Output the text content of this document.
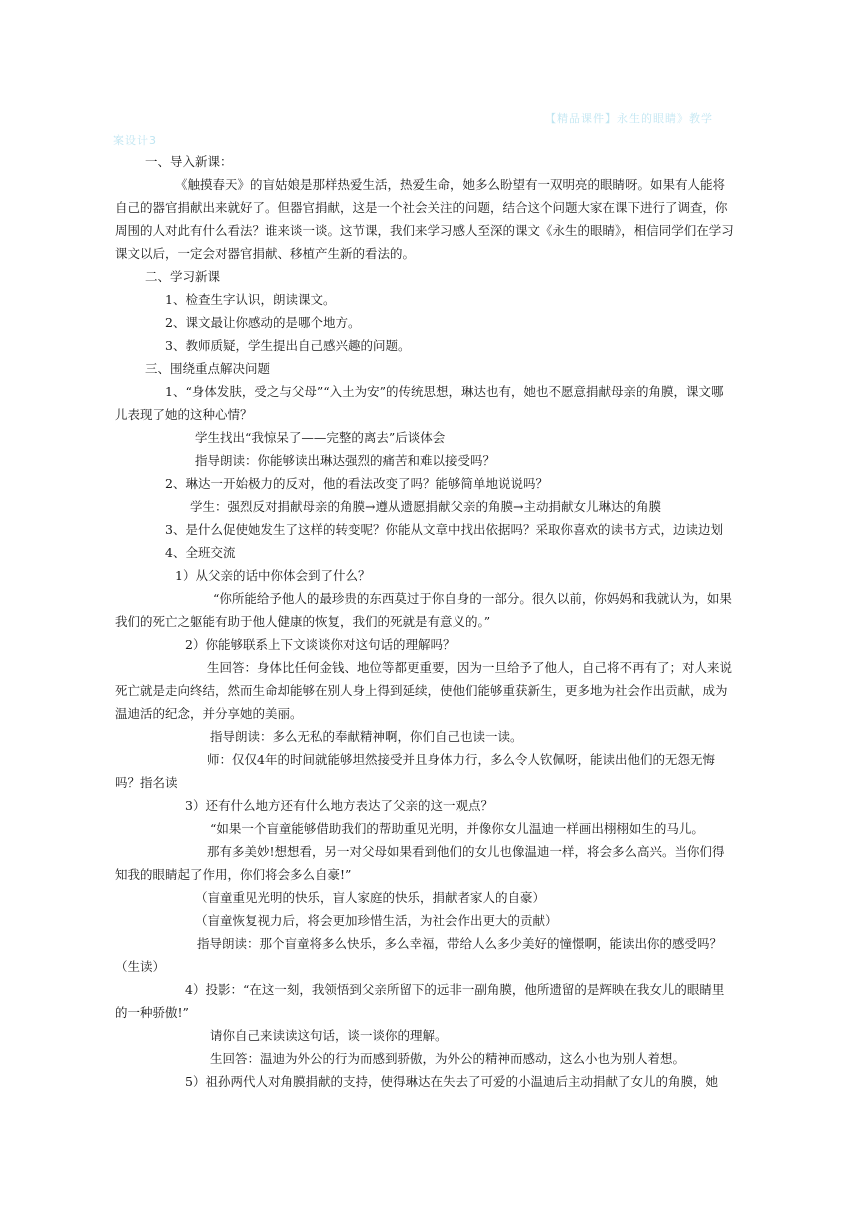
【精品课件】永生的眼睛》教学
案设计3

一、导入新课：

《触摸春天》的盲姑娘是那样热爱生活，热爱生命，她多么盼望有一双明亮的眼睛呀。如果有人能将自己的器官捐献出来就好了。但器官捐献，这是一个社会关注的问题，结合这个问题大家在课下进行了调查，你周围的人对此有什么看法？谁来谈一谈。这节课，我们来学习感人至深的课文《永生的眼睛》，相信同学们在学习课文以后，一定会对器官捐献、移植产生新的看法的。

二、学习新课

1、检查生字认识，朗读课文。

2、课文最让你感动的是哪个地方。

3、教师质疑，学生提出自己感兴趣的问题。

三、围绕重点解决问题

1、“身体发肤，受之与父母”“入土为安”的传统思想，琳达也有，她也不愿意捐献母亲的角膜，课文哪儿表现了她的这种心情？

学生找出“我惊呆了——完整的离去”后谈体会

指导朗读：你能够读出琳达强烈的痛苦和难以接受吗？

2、琳达一开始极力的反对，他的看法改变了吗？能够简单地说说吗？

学生：强烈反对捐献母亲的角膜→遵从遗愿捐献父亲的角膜→主动捐献女儿琳达的角膜

3、是什么促使她发生了这样的转变呢？你能从文章中找出依据吗？采取你喜欢的读书方式，边读边划

4、全班交流

1）从父亲的话中你体会到了什么？

“你所能给予他人的最珍贵的东西莫过于你自身的一部分。很久以前，你妈妈和我就认为，如果我们的死亡之躯能有助于他人健康的恢复，我们的死就是有意义的。”

2）你能够联系上下文谈谈你对这句话的理解吗？

生回答：身体比任何金钱、地位等都更重要，因为一旦给予了他人，自己将不再有了；对人来说死亡就是走向终结，然而生命却能够在别人身上得到延续，使他们能够重获新生，更多地为社会作出贡献，成为温迪活的纪念，并分享她的美丽。

指导朗读：多么无私的奉献精神啊，你们自己也读一读。

师：仅仅4年的时间就能够坦然接受并且身体力行，多么令人钦佩呀，能读出他们的无怨无悔吗？指名读

3）还有什么地方还有什么地方表达了父亲的这一观点？

“如果一个盲童能够借助我们的帮助重见光明，并像你女儿温迪一样画出栩栩如生的马儿。

那有多美妙!想想看，另一对父母如果看到他们的女儿也像温迪一样，将会多么高兴。当你们得知我的眼睛起了作用，你们将会多么自豪!”

（盲童重见光明的快乐，盲人家庭的快乐，捐献者家人的自豪）

（盲童恢复视力后，将会更加珍惜生活，为社会作出更大的贡献）

指导朗读：那个盲童将多么快乐，多么幸福，带给人么多少美好的憧憬啊，能读出你的感受吗？（生读）

4）投影：“在这一刻，我领悟到父亲所留下的远非一副角膜，他所遗留的是辉映在我女儿的眼睛里的一种骄傲!”

请你自己来读读这句话，谈一谈你的理解。

生回答：温迪为外公的行为而感到骄傲，为外公的精神而感动，这么小也为别人着想。

5）祖孙两代人对角膜捐献的支持，使得琳达在失去了可爱的小温迪后主动捐献了女儿的角膜，她
